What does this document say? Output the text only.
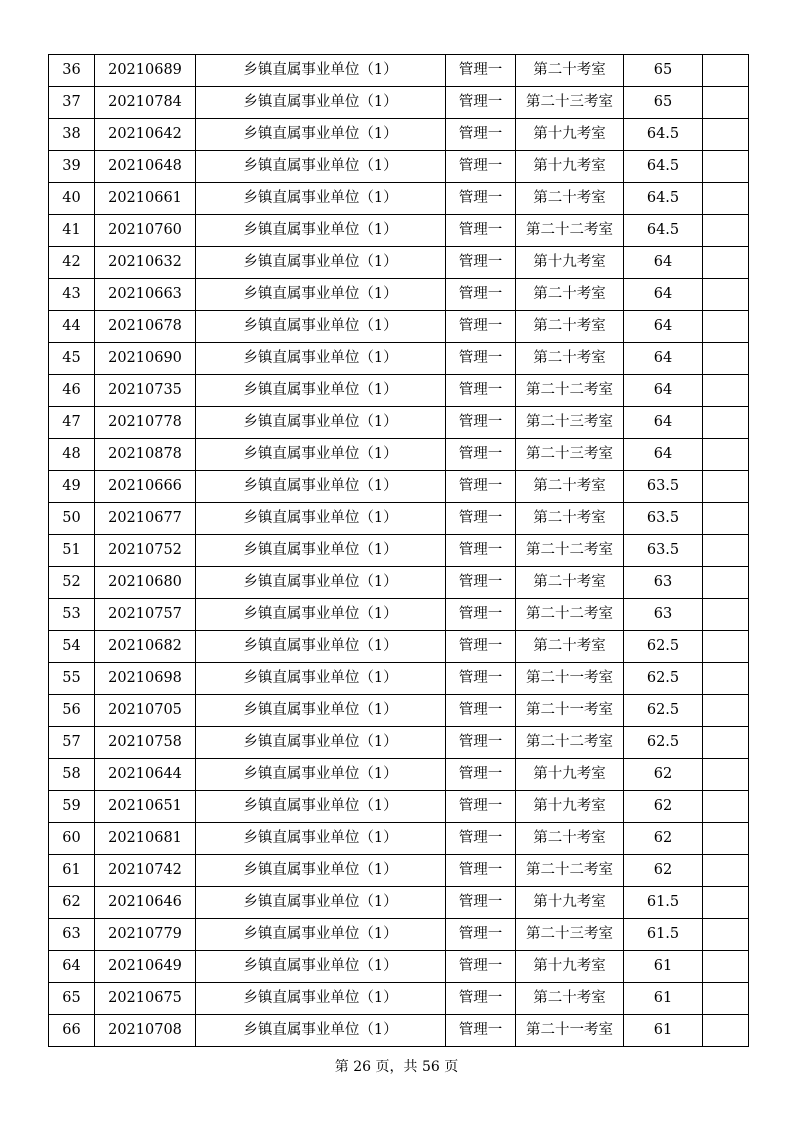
36	20210689	乡镇直属事业单位（1）	管理一	第二十考室	65	
37	20210784	乡镇直属事业单位（1）	管理一	第二十三考室	65	
38	20210642	乡镇直属事业单位（1）	管理一	第十九考室	64.5	
39	20210648	乡镇直属事业单位（1）	管理一	第十九考室	64.5	
40	20210661	乡镇直属事业单位（1）	管理一	第二十考室	64.5	
41	20210760	乡镇直属事业单位（1）	管理一	第二十二考室	64.5	
42	20210632	乡镇直属事业单位（1）	管理一	第十九考室	64	
43	20210663	乡镇直属事业单位（1）	管理一	第二十考室	64	
44	20210678	乡镇直属事业单位（1）	管理一	第二十考室	64	
45	20210690	乡镇直属事业单位（1）	管理一	第二十考室	64	
46	20210735	乡镇直属事业单位（1）	管理一	第二十二考室	64	
47	20210778	乡镇直属事业单位（1）	管理一	第二十三考室	64	
48	20210878	乡镇直属事业单位（1）	管理一	第二十三考室	64	
49	20210666	乡镇直属事业单位（1）	管理一	第二十考室	63.5	
50	20210677	乡镇直属事业单位（1）	管理一	第二十考室	63.5	
51	20210752	乡镇直属事业单位（1）	管理一	第二十二考室	63.5	
52	20210680	乡镇直属事业单位（1）	管理一	第二十考室	63	
53	20210757	乡镇直属事业单位（1）	管理一	第二十二考室	63	
54	20210682	乡镇直属事业单位（1）	管理一	第二十考室	62.5	
55	20210698	乡镇直属事业单位（1）	管理一	第二十一考室	62.5	
56	20210705	乡镇直属事业单位（1）	管理一	第二十一考室	62.5	
57	20210758	乡镇直属事业单位（1）	管理一	第二十二考室	62.5	
58	20210644	乡镇直属事业单位（1）	管理一	第十九考室	62	
59	20210651	乡镇直属事业单位（1）	管理一	第十九考室	62	
60	20210681	乡镇直属事业单位（1）	管理一	第二十考室	62	
61	20210742	乡镇直属事业单位（1）	管理一	第二十二考室	62	
62	20210646	乡镇直属事业单位（1）	管理一	第十九考室	61.5	
63	20210779	乡镇直属事业单位（1）	管理一	第二十三考室	61.5	
64	20210649	乡镇直属事业单位（1）	管理一	第十九考室	61	
65	20210675	乡镇直属事业单位（1）	管理一	第二十考室	61	
66	20210708	乡镇直属事业单位（1）	管理一	第二十一考室	61	
第 26 页，共 56 页
